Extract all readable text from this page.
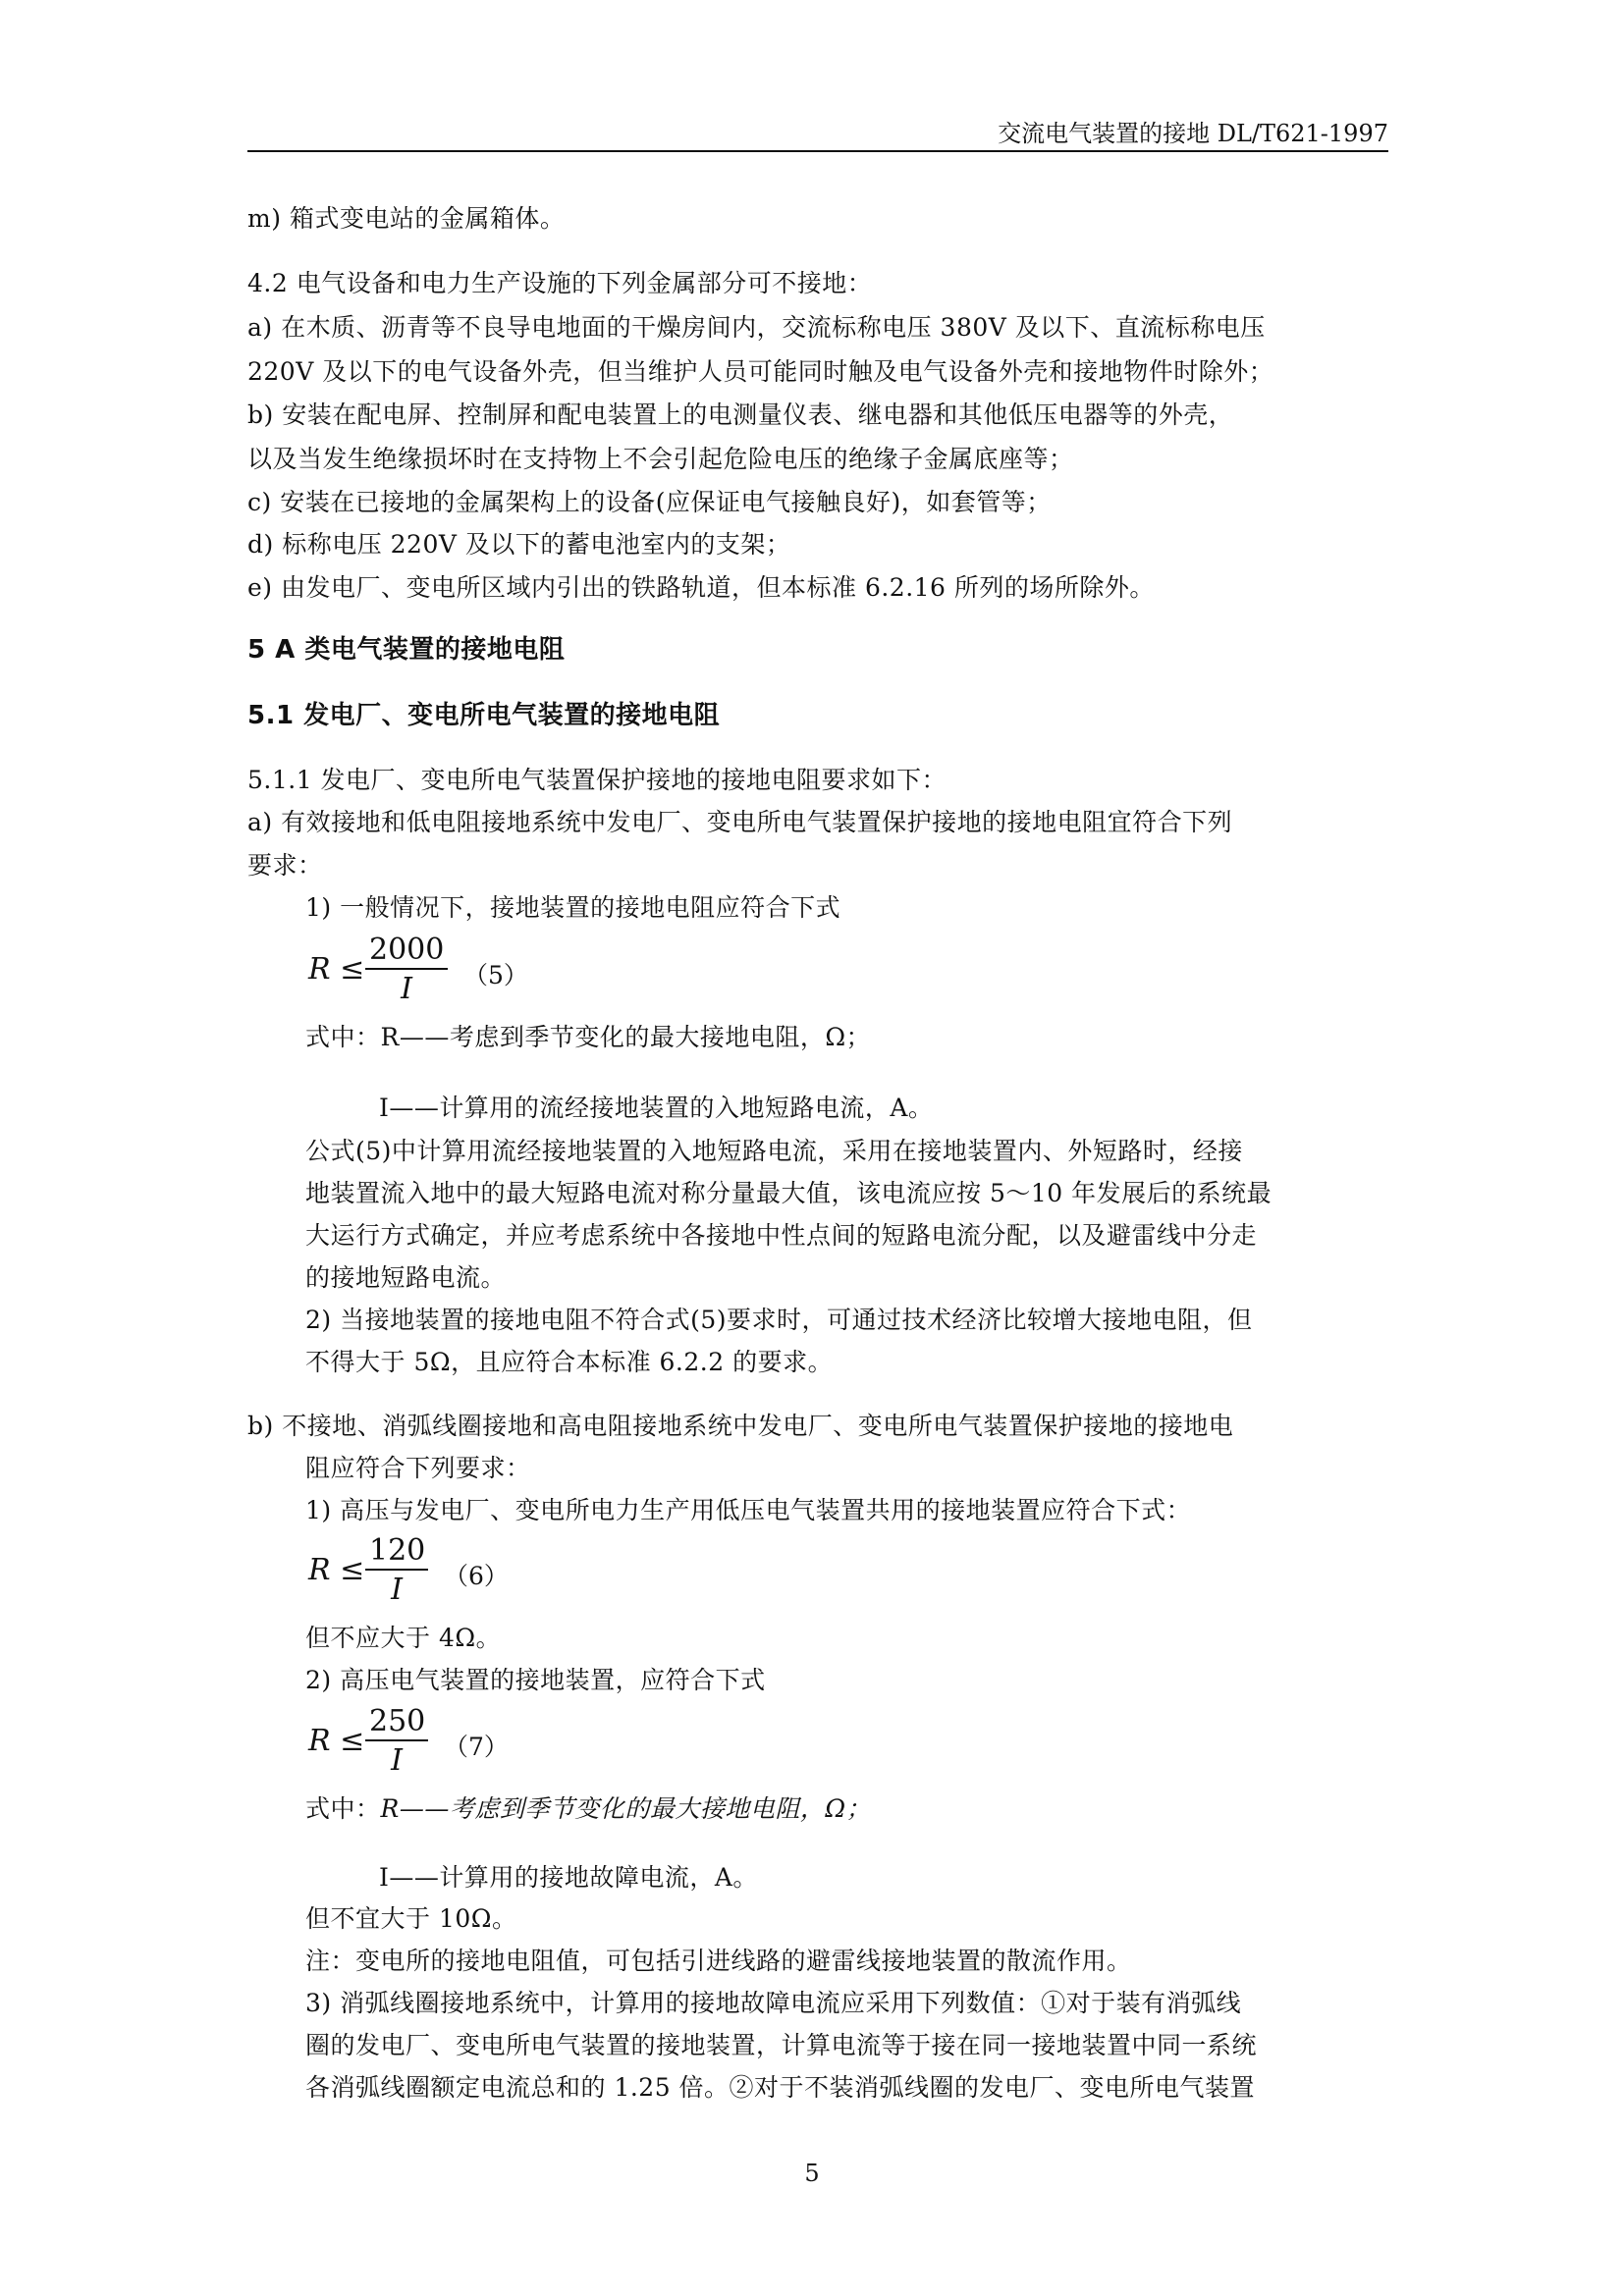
交流电气装置的接地 DL/T621-1997
m) 箱式变电站的金属箱体。
4.2 电气设备和电力生产设施的下列金属部分可不接地：
a) 在木质、沥青等不良导电地面的干燥房间内，交流标称电压 380V 及以下、直流标称电压
220V 及以下的电气设备外壳，但当维护人员可能同时触及电气设备外壳和接地物件时除外；
b) 安装在配电屏、控制屏和配电装置上的电测量仪表、继电器和其他低压电器等的外壳，
以及当发生绝缘损坏时在支持物上不会引起危险电压的绝缘子金属底座等；
c) 安装在已接地的金属架构上的设备(应保证电气接触良好)，如套管等；
d) 标称电压 220V 及以下的蓄电池室内的支架；
e) 由发电厂、变电所区域内引出的铁路轨道，但本标准 6.2.16 所列的场所除外。
5 A 类电气装置的接地电阻
5.1 发电厂、变电所电气装置的接地电阻
5.1.1 发电厂、变电所电气装置保护接地的接地电阻要求如下：
a) 有效接地和低电阻接地系统中发电厂、变电所电气装置保护接地的接地电阻宜符合下列
要求：
1) 一般情况下，接地装置的接地电阻应符合下式
$R \le \frac{2000}{I} (5)$
式中：R——考虑到季节变化的最大接地电阻，Ω；
I——计算用的流经接地装置的入地短路电流，A。
公式(5)中计算用流经接地装置的入地短路电流，采用在接地装置内、外短路时，经接
地装置流入地中的最大短路电流对称分量最大值，该电流应按 5～10 年发展后的系统最
大运行方式确定，并应考虑系统中各接地中性点间的短路电流分配，以及避雷线中分走
的接地短路电流。
2) 当接地装置的接地电阻不符合式(5)要求时，可通过技术经济比较增大接地电阻，但
不得大于 5Ω，且应符合本标准 6.2.2 的要求。
b) 不接地、消弧线圈接地和高电阻接地系统中发电厂、变电所电气装置保护接地的接地电
阻应符合下列要求：
1) 高压与发电厂、变电所电力生产用低压电气装置共用的接地装置应符合下式：
$R \le \frac{120}{I} (6)$
但不应大于 4Ω。
2) 高压电气装置的接地装置，应符合下式
$R \le \frac{250}{I} (7)$
式中：R——考虑到季节变化的最大接地电阻，Ω；
I——计算用的接地故障电流，A。
但不宜大于 10Ω。
注：变电所的接地电阻值，可包括引进线路的避雷线接地装置的散流作用。
3) 消弧线圈接地系统中，计算用的接地故障电流应采用下列数值：①对于装有消弧线
圈的发电厂、变电所电气装置的接地装置，计算电流等于接在同一接地装置中同一系统
各消弧线圈额定电流总和的 1.25 倍。②对于不装消弧线圈的发电厂、变电所电气装置
5
